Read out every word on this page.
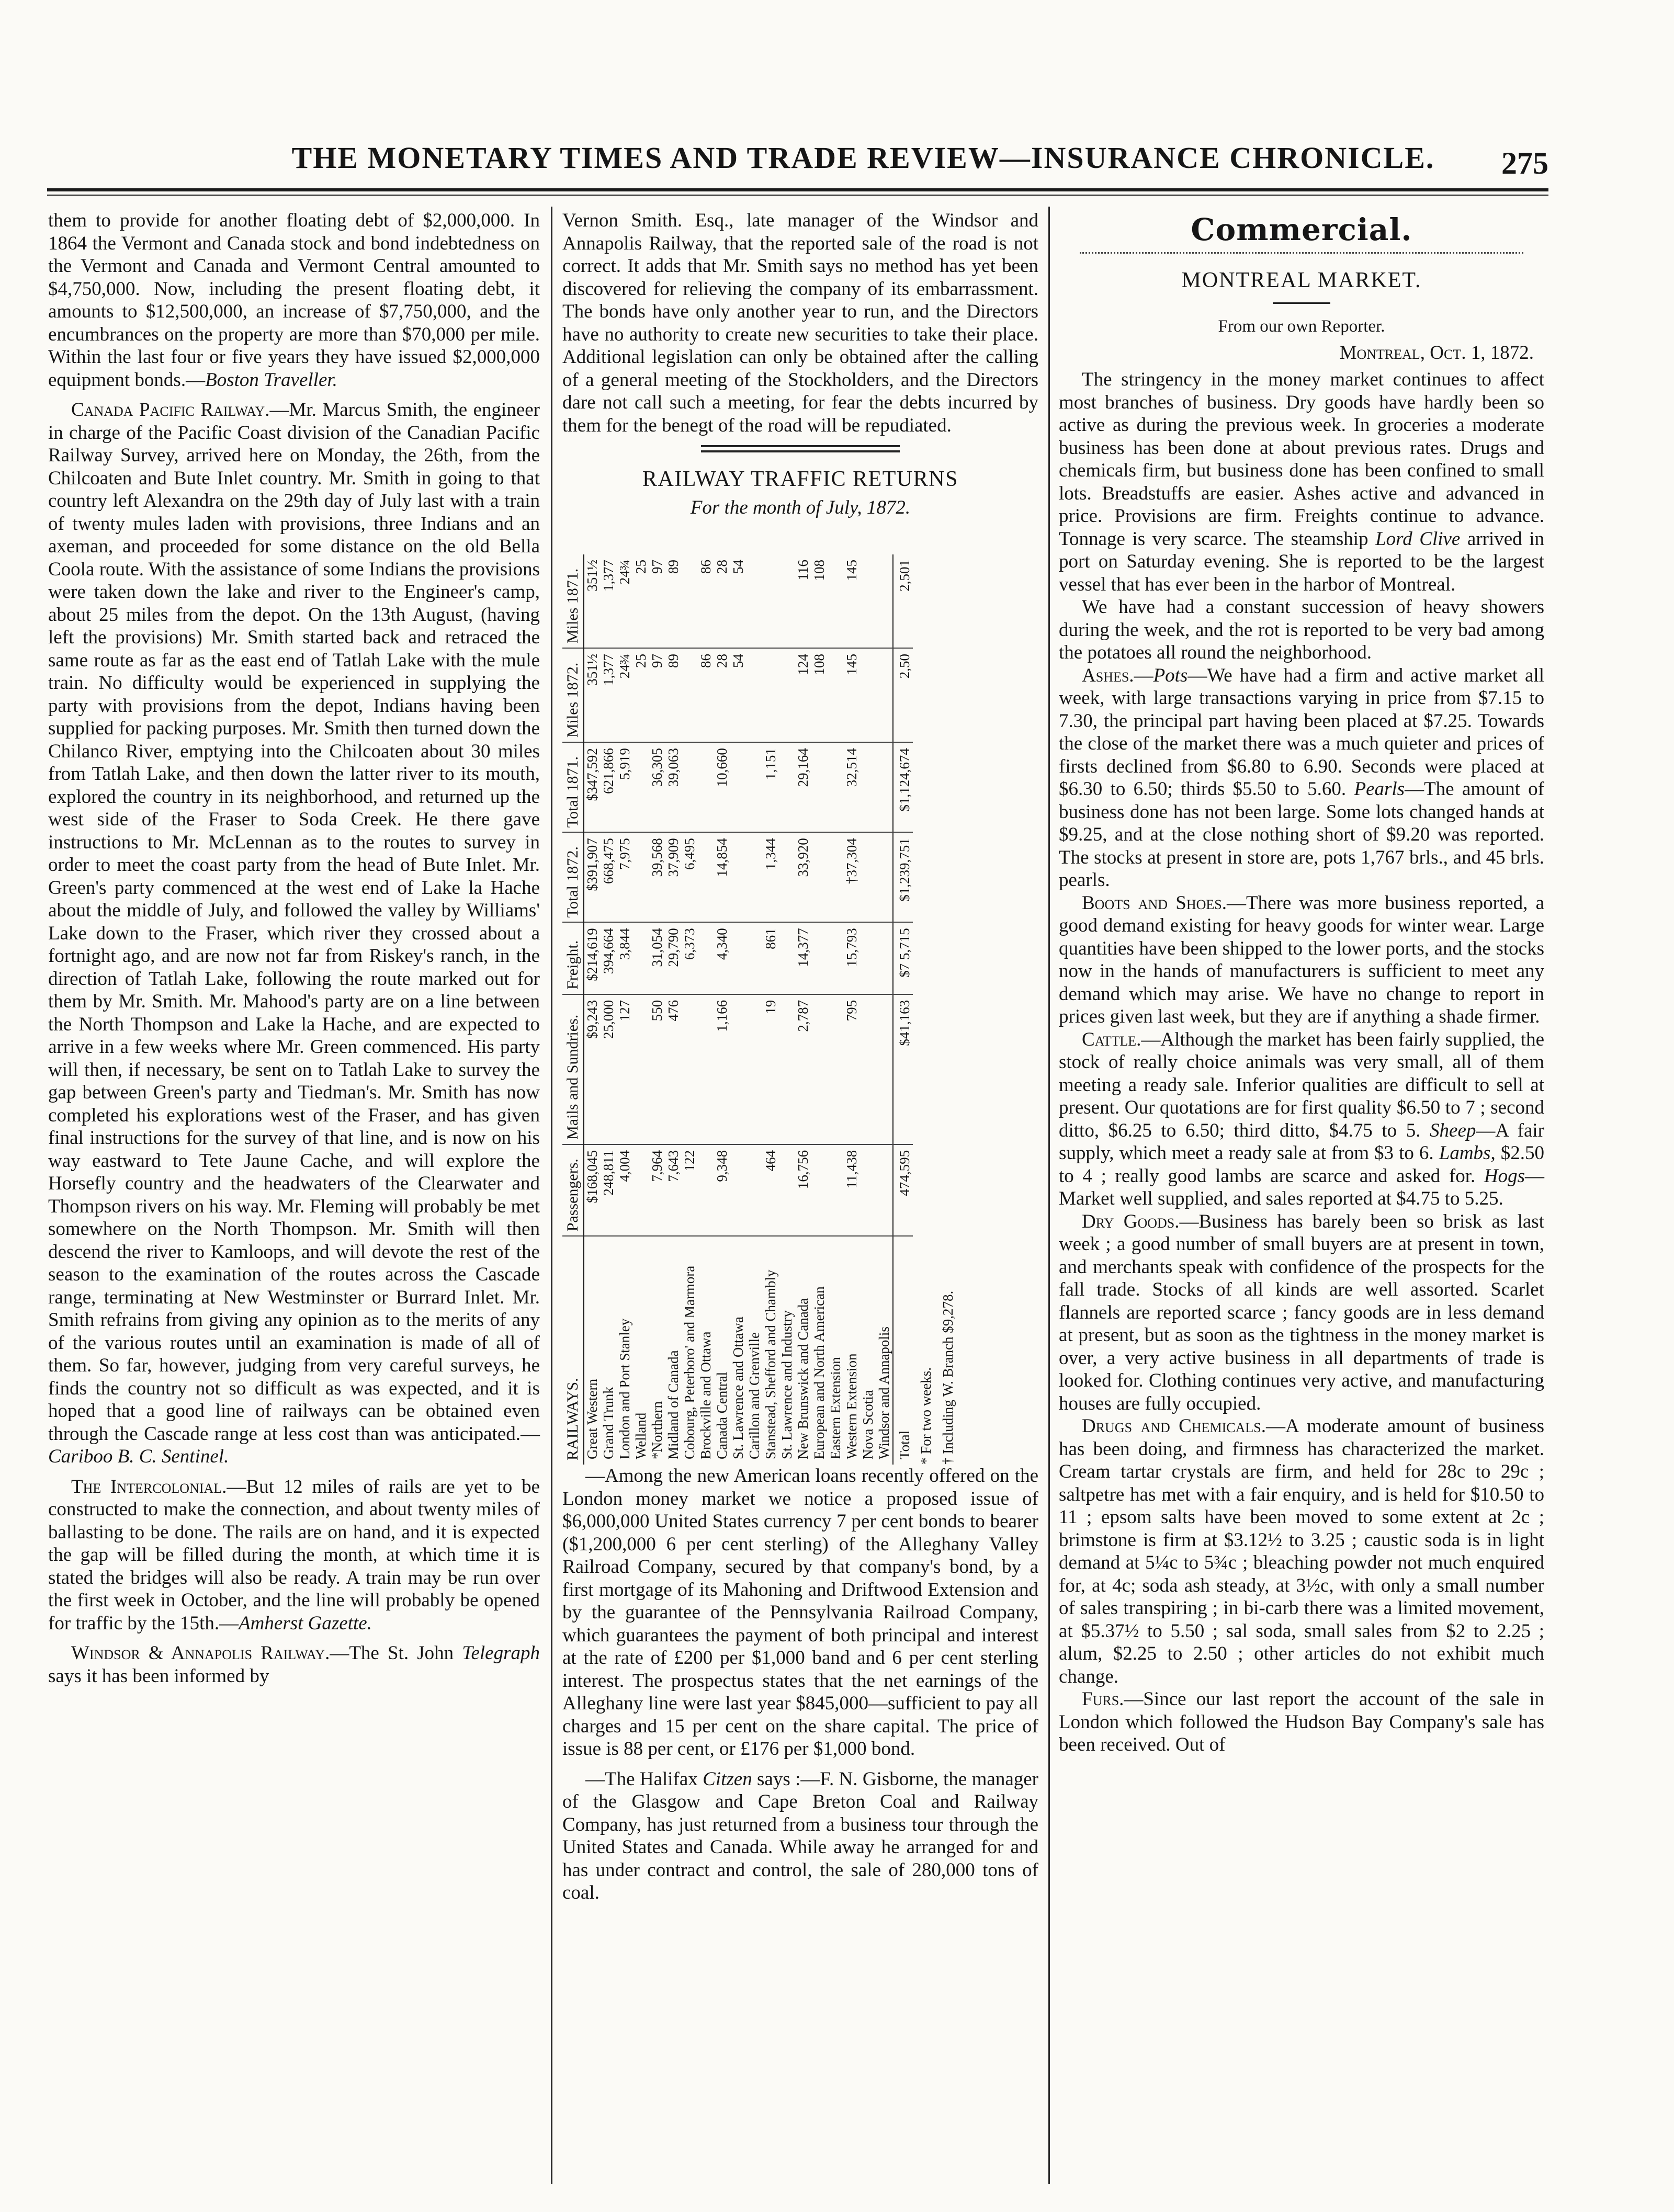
THE MONETARY TIMES AND TRADE REVIEW—INSURANCE CHRONICLE.	275

them to provide for another floating debt of $2,000,000. In 1864 the Vermont and Canada stock and bond indebtedness on the Vermont and Canada and Vermont Central amounted to $4,750,000. Now, including the present floating debt, it amounts to $12,500,000, an increase of $7,750,000, and the encumbrances on the property are more than $70,000 per mile. Within the last four or five years they have issued $2,000,000 equipment bonds.—Boston Traveller.

Canada Pacific Railway.—Mr. Marcus Smith, the engineer in charge of the Pacific Coast division of the Canadian Pacific Railway Survey, arrived here on Monday, the 26th, from the Chilcoaten and Bute Inlet country. Mr. Smith in going to that country left Alexandra on the 29th day of July last with a train of twenty mules laden with provisions, three Indians and an axeman, and proceeded for some distance on the old Bella Coola route. With the assistance of some Indians the provisions were taken down the lake and river to the Engineer's camp, about 25 miles from the depot. On the 13th August, (having left the provisions) Mr. Smith started back and retraced the same route as far as the east end of Tatlah Lake with the mule train. No difficulty would be experienced in supplying the party with provisions from the depot, Indians having been supplied for packing purposes. Mr. Smith then turned down the Chilanco River, emptying into the Chilcoaten about 30 miles from Tatlah Lake, and then down the latter river to its mouth, explored the country in its neighborhood, and returned up the west side of the Fraser to Soda Creek. He there gave instructions to Mr. McLennan as to the routes to survey in order to meet the coast party from the head of Bute Inlet. Mr. Green's party commenced at the west end of Lake la Hache about the middle of July, and followed the valley by Williams' Lake down to the Fraser, which river they crossed about a fortnight ago, and are now not far from Riskey's ranch, in the direction of Tatlah Lake, following the route marked out for them by Mr. Smith. Mr. Mahood's party are on a line between the North Thompson and Lake la Hache, and are expected to arrive in a few weeks where Mr. Green commenced. His party will then, if necessary, be sent on to Tatlah Lake to survey the gap between Green's party and Tiedman's. Mr. Smith has now completed his explorations west of the Fraser, and has given final instructions for the survey of that line, and is now on his way eastward to Tete Jaune Cache, and will explore the Horsefly country and the headwaters of the Clearwater and Thompson rivers on his way. Mr. Fleming will probably be met somewhere on the North Thompson. Mr. Smith will then descend the river to Kamloops, and will devote the rest of the season to the examination of the routes across the Cascade range, terminating at New Westminster or Burrard Inlet. Mr. Smith refrains from giving any opinion as to the merits of any of the various routes until an examination is made of all of them. So far, however, judging from very careful surveys, he finds the country not so difficult as was expected, and it is hoped that a good line of railways can be obtained even through the Cascade range at less cost than was anticipated.—Cariboo B. C. Sentinel.

The Intercolonial.—But 12 miles of rails are yet to be constructed to make the connection, and about twenty miles of ballasting to be done. The rails are on hand, and it is expected the gap will be filled during the month, at which time it is stated the bridges will also be ready. A train may be run over the first week in October, and the line will probably be opened for traffic by the 15th.—Amherst Gazette.

Windsor & Annapolis Railway.—The St. John Telegraph says it has been informed by

Vernon Smith. Esq., late manager of the Windsor and Annapolis Railway, that the reported sale of the road is not correct. It adds that Mr. Smith says no method has yet been discovered for relieving the company of its embarrassment. The bonds have only another year to run, and the Directors have no authority to create new securities to take their place. Additional legislation can only be obtained after the calling of a general meeting of the Stockholders, and the Directors dare not call such a meeting, for fear the debts incurred by them for the benegt of the road will be repudiated.

RAILWAY TRAFFIC RETURNS
For the month of July, 1872.
RAILWAYS.	Passengers.	Mails and Sundries.	Freight.	Total 1872.	Total 1871.	Miles 1872.	Miles 1871.
Great Western	$168,045	$9,243	$214,619	$391,907	$347,592	351½	351½
Grand Trunk	248,811	25,000	394,664	668,475	621,866	1,377	1,377
London and Port Stanley	4,004	127	3,844	7,975	5,919	24¾	24¾
Welland						25	25
*Northern	7,964	550	31,054	39,568	36,305	97	97
Midland of Canada	7,643	476	29,790	37,909	39,063	89	89
Cobourg, Peterboro' and Marmora	122		6,373	6,495			
Brockville and Ottawa						86	86
Canada Central	9,348	1,166	4,340	14,854	10,660	28	28
St. Lawrence and Ottawa						54	54
Carillon and Grenville							
Stanstead, Shefford and Chambly	464	19	861	1,344	1,151		
St. Lawrence and Industry							
New Brunswick and Canada	16,756	2,787	14,377	33,920	29,164	124	116
European and North American						108	108
Eastern Extension							
Western Extension	11,438	795	15,793	†37,304	32,514	145	145
Nova Scotia							
Windsor and Annapolis							
Total	474,595	$41,163	$7 5,715	$1,239,751	$1,124,674	2,50	2,501
* For two weeks. † Including W. Branch $9,278.

—Among the new American loans recently offered on the London money market we notice a proposed issue of $6,000,000 United States currency 7 per cent bonds to bearer ($1,200,000 6 per cent sterling) of the Alleghany Valley Railroad Company, secured by that company's bond, by a first mortgage of its Mahoning and Driftwood Extension and by the guarantee of the Pennsylvania Railroad Company, which guarantees the payment of both principal and interest at the rate of £200 per $1,000 band and 6 per cent sterling interest. The prospectus states that the net earnings of the Alleghany line were last year $845,000—sufficient to pay all charges and 15 per cent on the share capital. The price of issue is 88 per cent, or £176 per $1,000 bond.

—The Halifax Citzen says :—F. N. Gisborne, the manager of the Glasgow and Cape Breton Coal and Railway Company, has just returned from a business tour through the United States and Canada. While away he arranged for and has under contract and control, the sale of 280,000 tons of coal.

Commercial.
MONTREAL MARKET.
From our own Reporter.
Montreal, Oct. 1, 1872.

The stringency in the money market continues to affect most branches of business. Dry goods have hardly been so active as during the previous week. In groceries a moderate business has been done at about previous rates. Drugs and chemicals firm, but business done has been confined to small lots. Breadstuffs are easier. Ashes active and advanced in price. Provisions are firm. Freights continue to advance. Tonnage is very scarce. The steamship Lord Clive arrived in port on Saturday evening. She is reported to be the largest vessel that has ever been in the harbor of Montreal.

We have had a constant succession of heavy showers during the week, and the rot is reported to be very bad among the potatoes all round the neighborhood.

Ashes.—Pots—We have had a firm and active market all week, with large transactions varying in price from $7.15 to 7.30, the principal part having been placed at $7.25. Towards the close of the market there was a much quieter and prices of firsts declined from $6.80 to 6.90. Seconds were placed at $6.30 to 6.50; thirds $5.50 to 5.60. Pearls—The amount of business done has not been large. Some lots changed hands at $9.25, and at the close nothing short of $9.20 was reported. The stocks at present in store are, pots 1,767 brls., and 45 brls. pearls.

Boots and Shoes.—There was more business reported, a good demand existing for heavy goods for winter wear. Large quantities have been shipped to the lower ports, and the stocks now in the hands of manufacturers is sufficient to meet any demand which may arise. We have no change to report in prices given last week, but they are if anything a shade firmer.

Cattle.—Although the market has been fairly supplied, the stock of really choice animals was very small, all of them meeting a ready sale. Inferior qualities are difficult to sell at present. Our quotations are for first quality $6.50 to 7 ; second ditto, $6.25 to 6.50; third ditto, $4.75 to 5. Sheep—A fair supply, which meet a ready sale at from $3 to 6. Lambs, $2.50 to 4 ; really good lambs are scarce and asked for. Hogs—Market well supplied, and sales reported at $4.75 to 5.25.

Dry Goods.—Business has barely been so brisk as last week ; a good number of small buyers are at present in town, and merchants speak with confidence of the prospects for the fall trade. Stocks of all kinds are well assorted. Scarlet flannels are reported scarce ; fancy goods are in less demand at present, but as soon as the tightness in the money market is over, a very active business in all departments of trade is looked for. Clothing continues very active, and manufacturing houses are fully occupied.

Drugs and Chemicals.—A moderate amount of business has been doing, and firmness has characterized the market. Cream tartar crystals are firm, and held for 28c to 29c ; saltpetre has met with a fair enquiry, and is held for $10.50 to 11 ; epsom salts have been moved to some extent at 2c ; brimstone is firm at $3.12½ to 3.25 ; caustic soda is in light demand at 5¼c to 5¾c ; bleaching powder not much enquired for, at 4c; soda ash steady, at 3½c, with only a small number of sales transpiring ; in bi-carb there was a limited movement, at $5.37½ to 5.50 ; sal soda, small sales from $2 to 2.25 ; alum, $2.25 to 2.50 ; other articles do not exhibit much change.

Furs.—Since our last report the account of the sale in London which followed the Hudson Bay Company's sale has been received. Out of
